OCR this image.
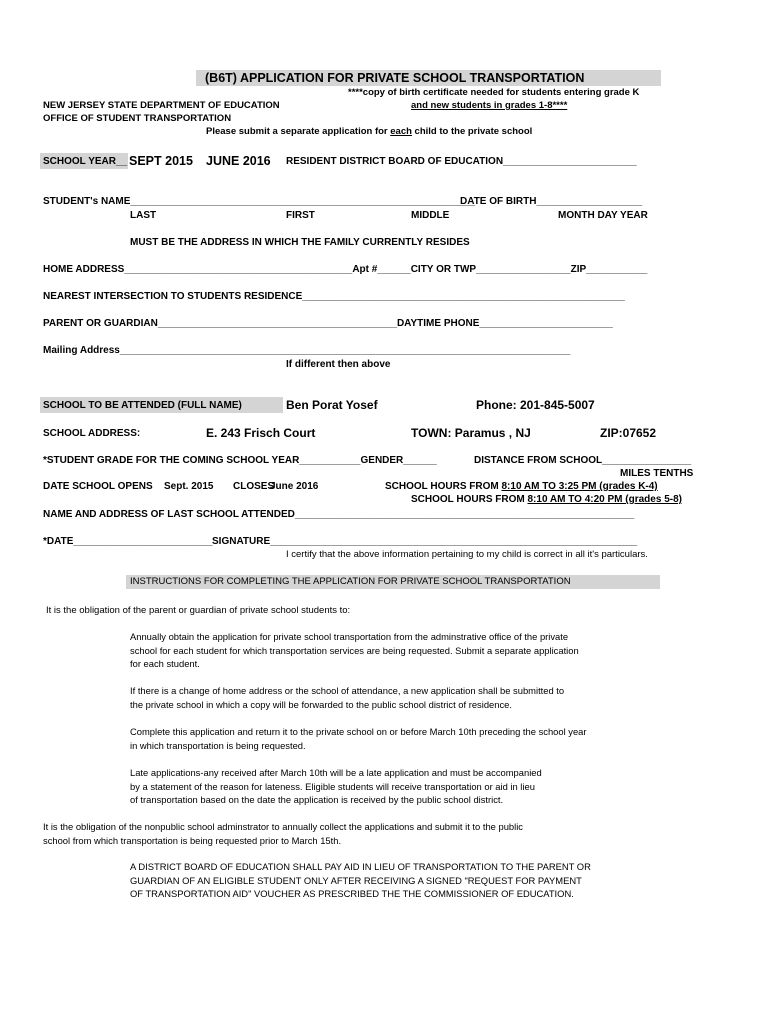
(B6T) APPLICATION FOR PRIVATE SCHOOL TRANSPORTATION
****copy of birth certificate needed for students entering grade K
NEW JERSEY STATE DEPARTMENT OF EDUCATION	and new students in grades 1-8****
OFFICE OF STUDENT TRANSPORTATION
Please submit a separate application for each child to the private school
SCHOOL YEAR__ SEPT 2015 JUNE 2016 RESIDENT DISTRICT BOARD OF EDUCATION________________________
STUDENT's NAME______________________________________________________________
DATE OF BIRTH___________________
LAST	FIRST	MIDDLE	MONTH DAY YEAR
MUST BE THE ADDRESS IN WHICH THE FAMILY CURRENTLY RESIDES
HOME ADDRESS_________________________________________Apt #______CITY OR TWP_________________ZIP___________
NEAREST INTERSECTION TO STUDENTS RESIDENCE__________________________________________________________
PARENT OR GUARDIAN___________________________________________DAYTIME PHONE________________________
Mailing Address_________________________________________________________________________________
If different then above
SCHOOL TO BE ATTENDED (FULL NAME)	Ben Porat Yosef	Phone: 201-845-5007
SCHOOL ADDRESS:	E. 243 Frisch Court	TOWN: Paramus , NJ	ZIP:07652
*STUDENT GRADE FOR THE COMING SCHOOL YEAR___________GENDER______	DISTANCE FROM SCHOOL________________
MILES TENTHS
DATE SCHOOL OPENS Sept. 2015 CLOSES
June 2016	SCHOOL HOURS FROM 8:10 AM TO 3:25 PM (grades K-4)
SCHOOL HOURS FROM 8:10 AM TO 4:20 PM (grades 5-8)
NAME AND ADDRESS OF LAST SCHOOL ATTENDED_____________________________________________________________
*DATE_________________________ SIGNATURE__________________________________________________________________
I certify that the above information pertaining to my child is correct in all it's particulars.
INSTRUCTIONS FOR COMPLETING THE APPLICATION FOR PRIVATE SCHOOL TRANSPORTATION
It is the obligation of the parent or guardian of private school students to:
Annually obtain the application for private school transportation from the adminstrative office of the private
school for each student for which transportation services are being requested. Submit a separate application
for each student.
If there is a change of home address or the school of attendance, a new application shall be submitted to
the private school in which a copy will be forwarded to the public school district of residence.
Complete this application and return it to the private school on or before March 10th preceding the school year
in which transportation is being requested.
Late applications-any received after March 10th will be a late application and must be accompanied
by a statement of the reason for lateness. Eligible students will receive transportation or aid in lieu
of transportation based on the date the application is received by the public school district.
It is the obligation of the nonpublic school adminstrator to annually collect the applications and submit it to the public
school from which transportation is being requested prior to March 15th.
A DISTRICT BOARD OF EDUCATION SHALL PAY AID IN LIEU OF TRANSPORTATION TO THE PARENT OR
GUARDIAN OF AN ELIGIBLE STUDENT ONLY AFTER RECEIVING A SIGNED "REQUEST FOR PAYMENT
OF TRANSPORTATION AID" VOUCHER AS PRESCRIBED THE THE COMMISSIONER OF EDUCATION.
